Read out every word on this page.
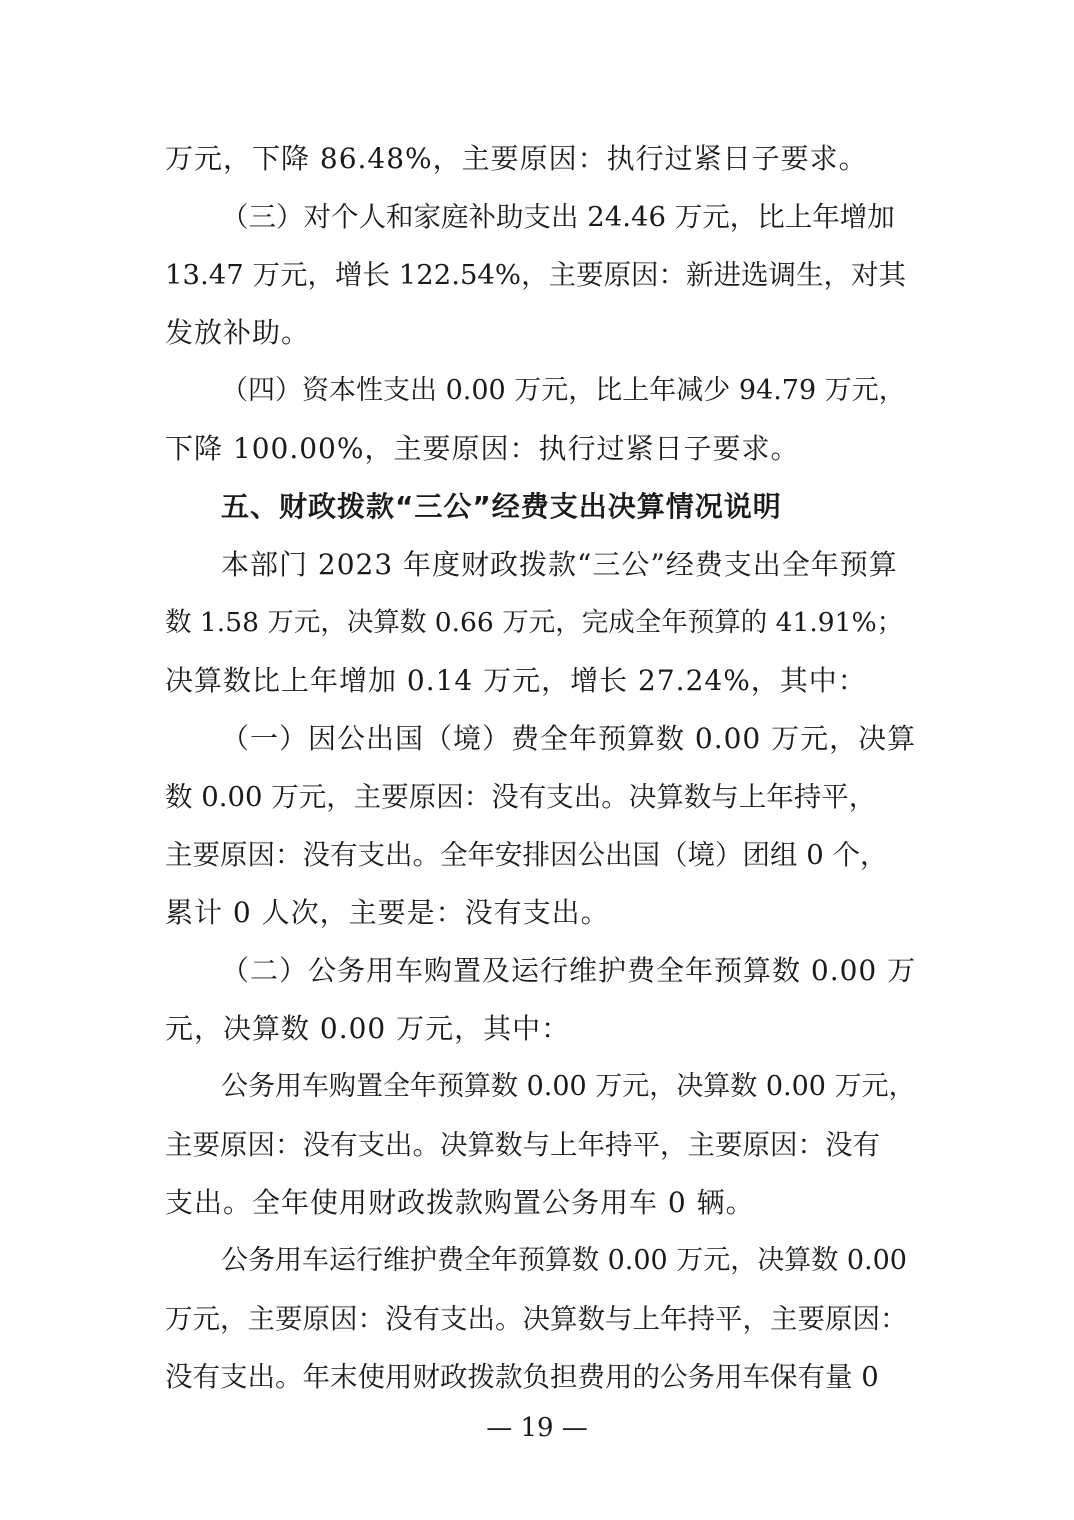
万元，下降 86.48%，主要原因：执行过紧日子要求。
（三）对个人和家庭补助支出 24.46 万元，比上年增加
13.47 万元，增长 122.54%，主要原因：新进选调生，对其
发放补助。
（四）资本性支出 0.00 万元，比上年减少 94.79 万元，
下降 100.00%，主要原因：执行过紧日子要求。
五、财政拨款“三公”经费支出决算情况说明
本部门 2023 年度财政拨款“三公”经费支出全年预算
数 1.58 万元，决算数 0.66 万元，完成全年预算的 41.91%；
决算数比上年增加 0.14 万元，增长 27.24%，其中：
（一）因公出国（境）费全年预算数 0.00 万元，决算
数 0.00 万元，主要原因：没有支出。决算数与上年持平，
主要原因：没有支出。全年安排因公出国（境）团组 0 个，
累计 0 人次，主要是：没有支出。
（二）公务用车购置及运行维护费全年预算数 0.00 万
元，决算数 0.00 万元，其中：
公务用车购置全年预算数 0.00 万元，决算数 0.00 万元，
主要原因：没有支出。决算数与上年持平，主要原因：没有
支出。全年使用财政拨款购置公务用车 0 辆。
公务用车运行维护费全年预算数 0.00 万元，决算数 0.00
万元，主要原因：没有支出。决算数与上年持平，主要原因：
没有支出。年末使用财政拨款负担费用的公务用车保有量 0
— 19 —
